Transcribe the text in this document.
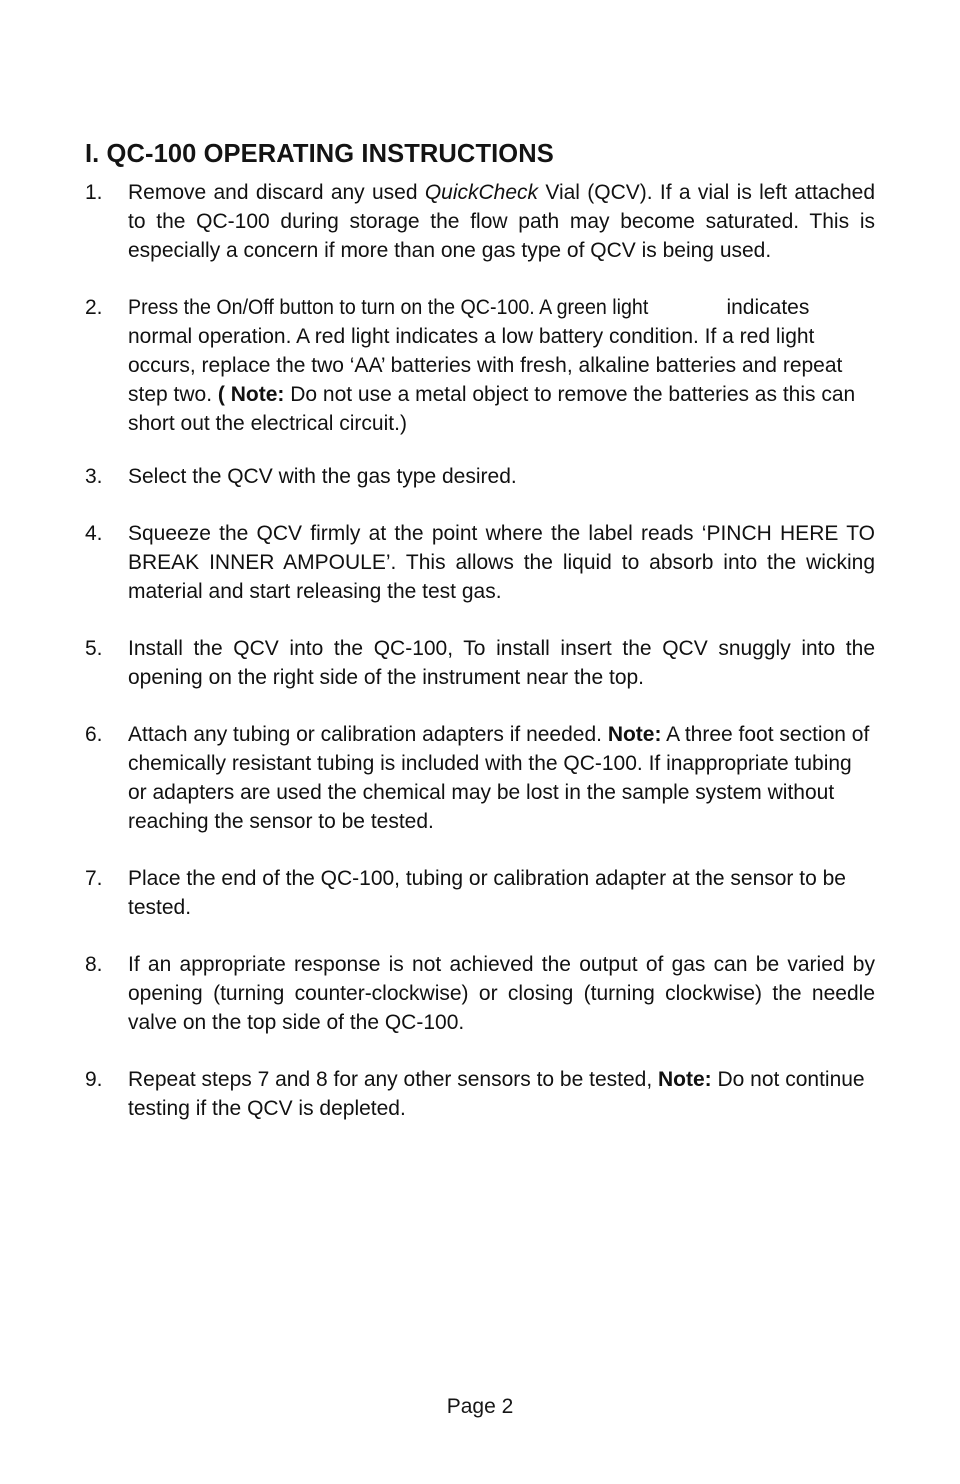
I. QC-100 OPERATING INSTRUCTIONS
1.	Remove and discard any used QuickCheck Vial (QCV). If a vial is left attached to the QC-100 during storage the flow path may become saturated. This is especially a concern if more than one gas type of QCV is being used.
2.	Press the On/Off button to turn on the QC-100. A green light	indicates normal operation. A red light indicates a low battery condition. If a red light occurs, replace the two ‘AA’ batteries with fresh, alkaline batteries and repeat step two. ( Note: Do not use a metal object to remove the batteries as this can short out the electrical circuit.)
3.	Select the QCV with the gas type desired.
4.	Squeeze the QCV firmly at the point where the label reads ‘PINCH HERE TO BREAK INNER AMPOULE’. This allows the liquid to absorb into the wicking material and start releasing the test gas.
5.	Install the QCV into the QC-100, To install insert the QCV snuggly into the opening on the right side of the instrument near the top.
6.	Attach any tubing or calibration adapters if needed. Note: A three foot section of chemically resistant tubing is included with the QC-100. If inappropriate tubing or adapters are used the chemical may be lost in the sample system without reaching the sensor to be tested.
7.	Place the end of the QC-100, tubing or calibration adapter at the sensor to be tested.
8.	If an appropriate response is not achieved the output of gas can be varied by opening (turning counter-clockwise) or closing (turning clockwise) the needle valve on the top side of the QC-100.
9.	Repeat steps 7 and 8 for any other sensors to be tested, Note: Do not continue testing if the QCV is depleted.
Page 2
